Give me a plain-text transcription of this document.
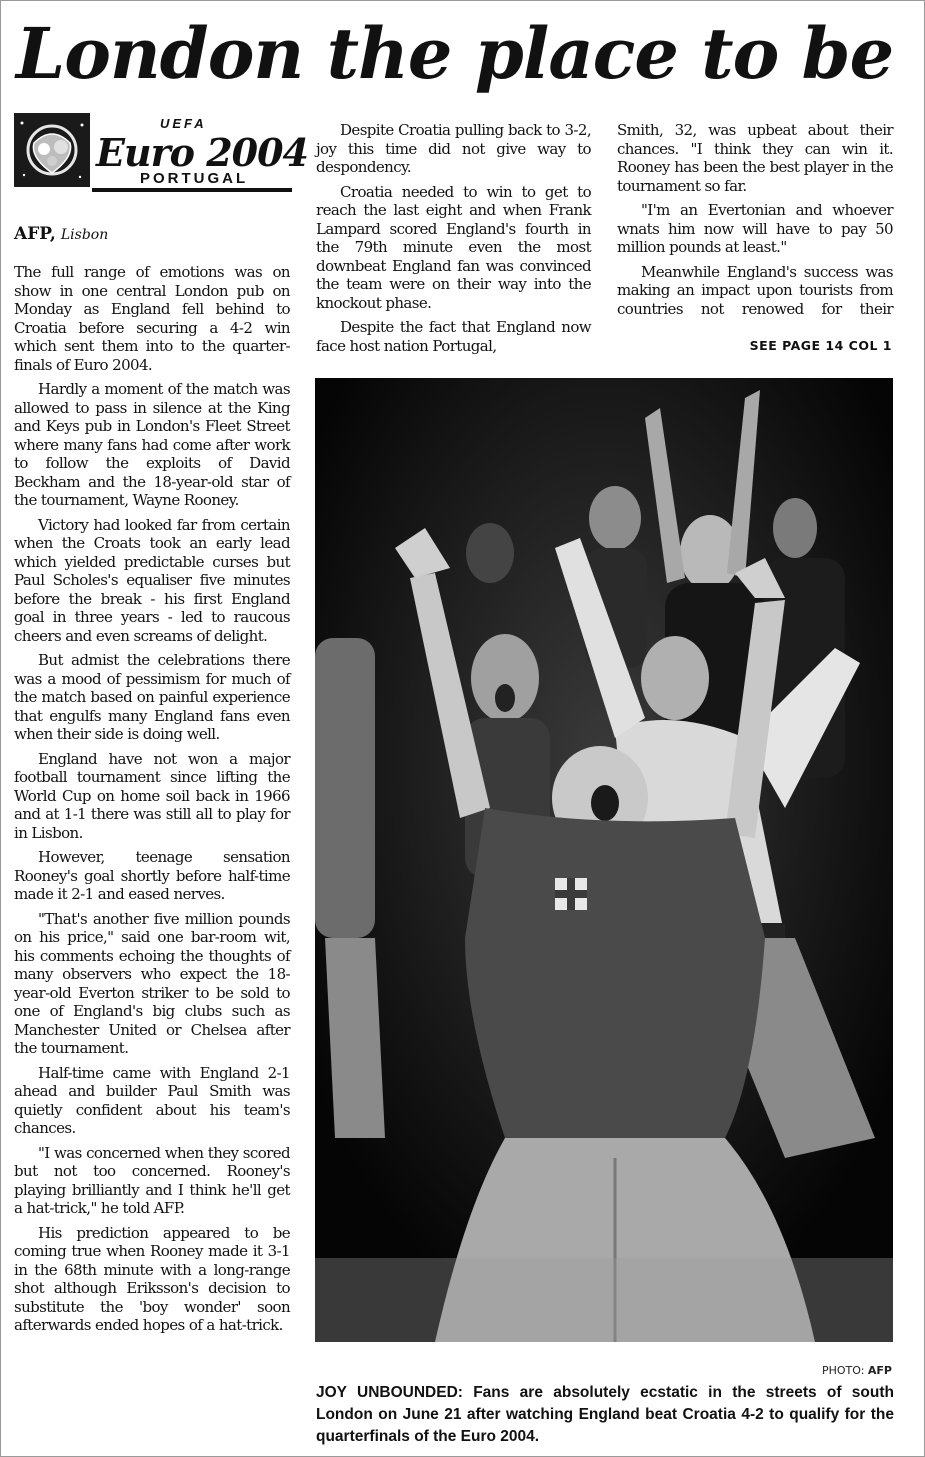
London the place to be
UEFA
Euro 2004
PORTUGAL
AFP, Lisbon

The full range of emotions was on show in one central London pub on Monday as England fell behind to Croatia before securing a 4-2 win which sent them into to the quarter-finals of Euro 2004.

Hardly a moment of the match was allowed to pass in silence at the King and Keys pub in London's Fleet Street where many fans had come after work to follow the exploits of David Beckham and the 18-year-old star of the tournament, Wayne Rooney.

Victory had looked far from certain when the Croats took an early lead which yielded predictable curses but Paul Scholes's equaliser five minutes before the break - his first England goal in three years - led to raucous cheers and even screams of delight.

But admist the celebrations there was a mood of pessimism for much of the match based on painful experience that engulfs many England fans even when their side is doing well.

England have not won a major football tournament since lifting the World Cup on home soil back in 1966 and at 1-1 there was still all to play for in Lisbon.

However, teenage sensation Rooney's goal shortly before half-time made it 2-1 and eased nerves.

"That's another five million pounds on his price," said one bar-room wit, his comments echoing the thoughts of many observers who expect the 18-year-old Everton striker to be sold to one of England's big clubs such as Manchester United or Chelsea after the tournament.

Half-time came with England 2-1 ahead and builder Paul Smith was quietly confident about his team's chances.

"I was concerned when they scored but not too concerned. Rooney's playing brilliantly and I think he'll get a hat-trick," he told AFP.

His prediction appeared to be coming true when Rooney made it 3-1 in the 68th minute with a long-range shot although Eriksson's decision to substitute the 'boy wonder' soon afterwards ended hopes of a hat-trick.

Despite Croatia pulling back to 3-2, joy this time did not give way to despondency.

Croatia needed to win to get to reach the last eight and when Frank Lampard scored England's fourth in the 79th minute even the most downbeat England fan was convinced the team were on their way into the knockout phase.

Despite the fact that England now face host nation Portugal,

Smith, 32, was upbeat about their chances. "I think they can win it. Rooney has been the best player in the tournament so far.

"I'm an Evertonian and whoever wnats him now will have to pay 50 million pounds at least."

Meanwhile England's success was making an impact upon tourists from countries not renowed for their

SEE PAGE 14 COL 1
PHOTO: AFP
JOY UNBOUNDED: Fans are absolutely ecstatic in the streets of south London on June 21 after watching England beat Croatia 4-2 to qualify for the quarterfinals of the Euro 2004.
